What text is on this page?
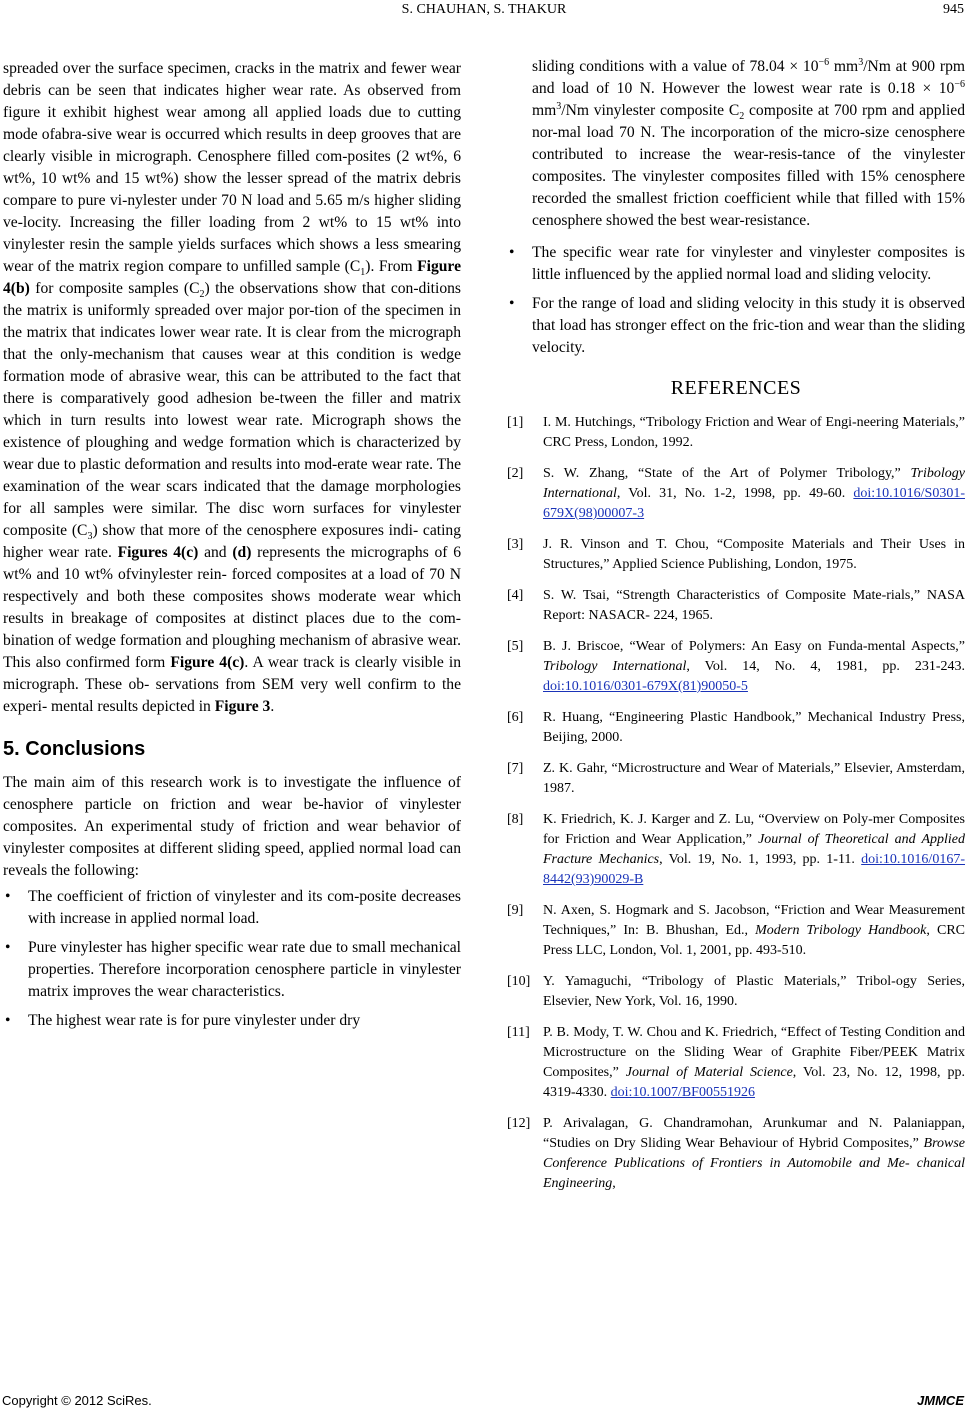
S. CHAUHAN, S. THAKUR	945

spreaded over the surface specimen, cracks in the matrix and fewer wear debris can be seen that indicates higher wear rate. As observed from figure it exhibit highest wear among all applied loads due to cutting mode ofabra-sive wear is occurred which results in deep grooves that are clearly visible in micrograph. Cenosphere filled com-posites (2 wt%, 6 wt%, 10 wt% and 15 wt%) show the lesser spread of the matrix debris compare to pure vi-nylester under 70 N load and 5.65 m/s higher sliding ve-locity. Increasing the filler loading from 2 wt% to 15 wt% into vinylester resin the sample yields surfaces which shows a less smearing wear of the matrix region compare to unfilled sample $(C_1)$. From Figure 4(b) for composite samples $(C_2)$ the observations show that con-ditions the matrix is uniformly spreaded over major por-tion of the specimen in the matrix that indicates lower wear rate. It is clear from the micrograph that the only-mechanism that causes wear at this condition is wedge formation mode of abrasive wear, this can be attributed to the fact that there is comparatively good adhesion be-tween the filler and matrix which in turn results into lowest wear rate. Micrograph shows the existence of ploughing and wedge formation which is characterized by wear due to plastic deformation and results into mod-erate wear rate. The examination of the wear scars indicated that the damage morphologies for all samples were similar. The disc worn surfaces for vinylester composite $(C_3)$ show that more of the cenosphere exposures indi- cating higher wear rate. Figures 4(c) and (d) represents the micrographs of 6 wt% and 10 wt% ofvinylester rein- forced composites at a load of 70 N respectively and both these composites shows moderate wear which results in breakage of composites at distinct places due to the com- bination of wedge formation and ploughing mechanism of abrasive wear. This also confirmed form Figure 4(c). A wear track is clearly visible in micrograph. These ob- servations from SEM very well confirm to the experi- mental results depicted in Figure 3.

5. Conclusions

The main aim of this research work is to investigate the influence of cenosphere particle on friction and wear be-havior of vinylester composites. An experimental study of friction and wear behavior of vinylester composites at different sliding speed, applied normal load can reveals the following:

• The coefficient of friction of vinylester and its com-posite decreases with increase in applied normal load.
• Pure vinylester has higher specific wear rate due to small mechanical properties. Therefore incorporation cenosphere particle in vinylester matrix improves the wear characteristics.
• The highest wear rate is for pure vinylester under dry

sliding conditions with a value of $78.04 \times 10^{-6}$ $mm^3/Nm$ at 900 rpm and load of 10 N. However the lowest wear rate is $0.18 \times 10^{-6}$ $mm^3/Nm$ vinylester composite $C_2$ composite at 700 rpm and applied nor-mal load 70 N. The incorporation of the micro-size cenosphere contributed to increase the wear-resis-tance of the vinylester composites. The vinylester composites filled with 15% cenosphere recorded the smallest friction coefficient while that filled with 15% cenosphere showed the best wear-resistance.

• The specific wear rate for vinylester and vinylester composites is little influenced by the applied normal load and sliding velocity.
• For the range of load and sliding velocity in this study it is observed that load has stronger effect on the fric-tion and wear than the sliding velocity.
REFERENCES
[1] I. M. Hutchings, “Tribology Friction and Wear of Engi-neering Materials,” CRC Press, London, 1992.
[2] S. W. Zhang, “State of the Art of Polymer Tribology,” Tribology International, Vol. 31, No. 1-2, 1998, pp. 49-60. doi:10.1016/S0301-679X(98)00007-3
[3] J. R. Vinson and T. Chou, “Composite Materials and Their Uses in Structures,” Applied Science Publishing, London, 1975.
[4] S. W. Tsai, “Strength Characteristics of Composite Mate-rials,” NASA Report: NASACR- 224, 1965.
[5] B. J. Briscoe, “Wear of Polymers: An Easy on Funda-mental Aspects,” Tribology International, Vol. 14, No. 4, 1981, pp. 231-243. doi:10.1016/0301-679X(81)90050-5
[6] R. Huang, “Engineering Plastic Handbook,” Mechanical Industry Press, Beijing, 2000.
[7] Z. K. Gahr, “Microstructure and Wear of Materials,” Elsevier, Amsterdam, 1987.
[8] K. Friedrich, K. J. Karger and Z. Lu, “Overview on Poly-mer Composites for Friction and Wear Application,” Journal of Theoretical and Applied Fracture Mechanics, Vol. 19, No. 1, 1993, pp. 1-11. doi:10.1016/0167-8442(93)90029-B
[9] N. Axen, S. Hogmark and S. Jacobson, “Friction and Wear Measurement Techniques,” In: B. Bhushan, Ed., Modern Tribology Handbook, CRC Press LLC, London, Vol. 1, 2001, pp. 493-510.
[10] Y. Yamaguchi, “Tribology of Plastic Materials,” Tribol-ogy Series, Elsevier, New York, Vol. 16, 1990.
[11] P. B. Mody, T. W. Chou and K. Friedrich, “Effect of Testing Condition and Microstructure on the Sliding Wear of Graphite Fiber/PEEK Matrix Composites,” Journal of Material Science, Vol. 23, No. 12, 1998, pp. 4319-4330. doi:10.1007/BF00551926
[12] P. Arivalagan, G. Chandramohan, Arunkumar and N. Palaniappan, “Studies on Dry Sliding Wear Behaviour of Hybrid Composites,” Browse Conference Publications of Frontiers in Automobile and Me- chanical Engineering,
Copyright © 2012 SciRes.	JMMCE
